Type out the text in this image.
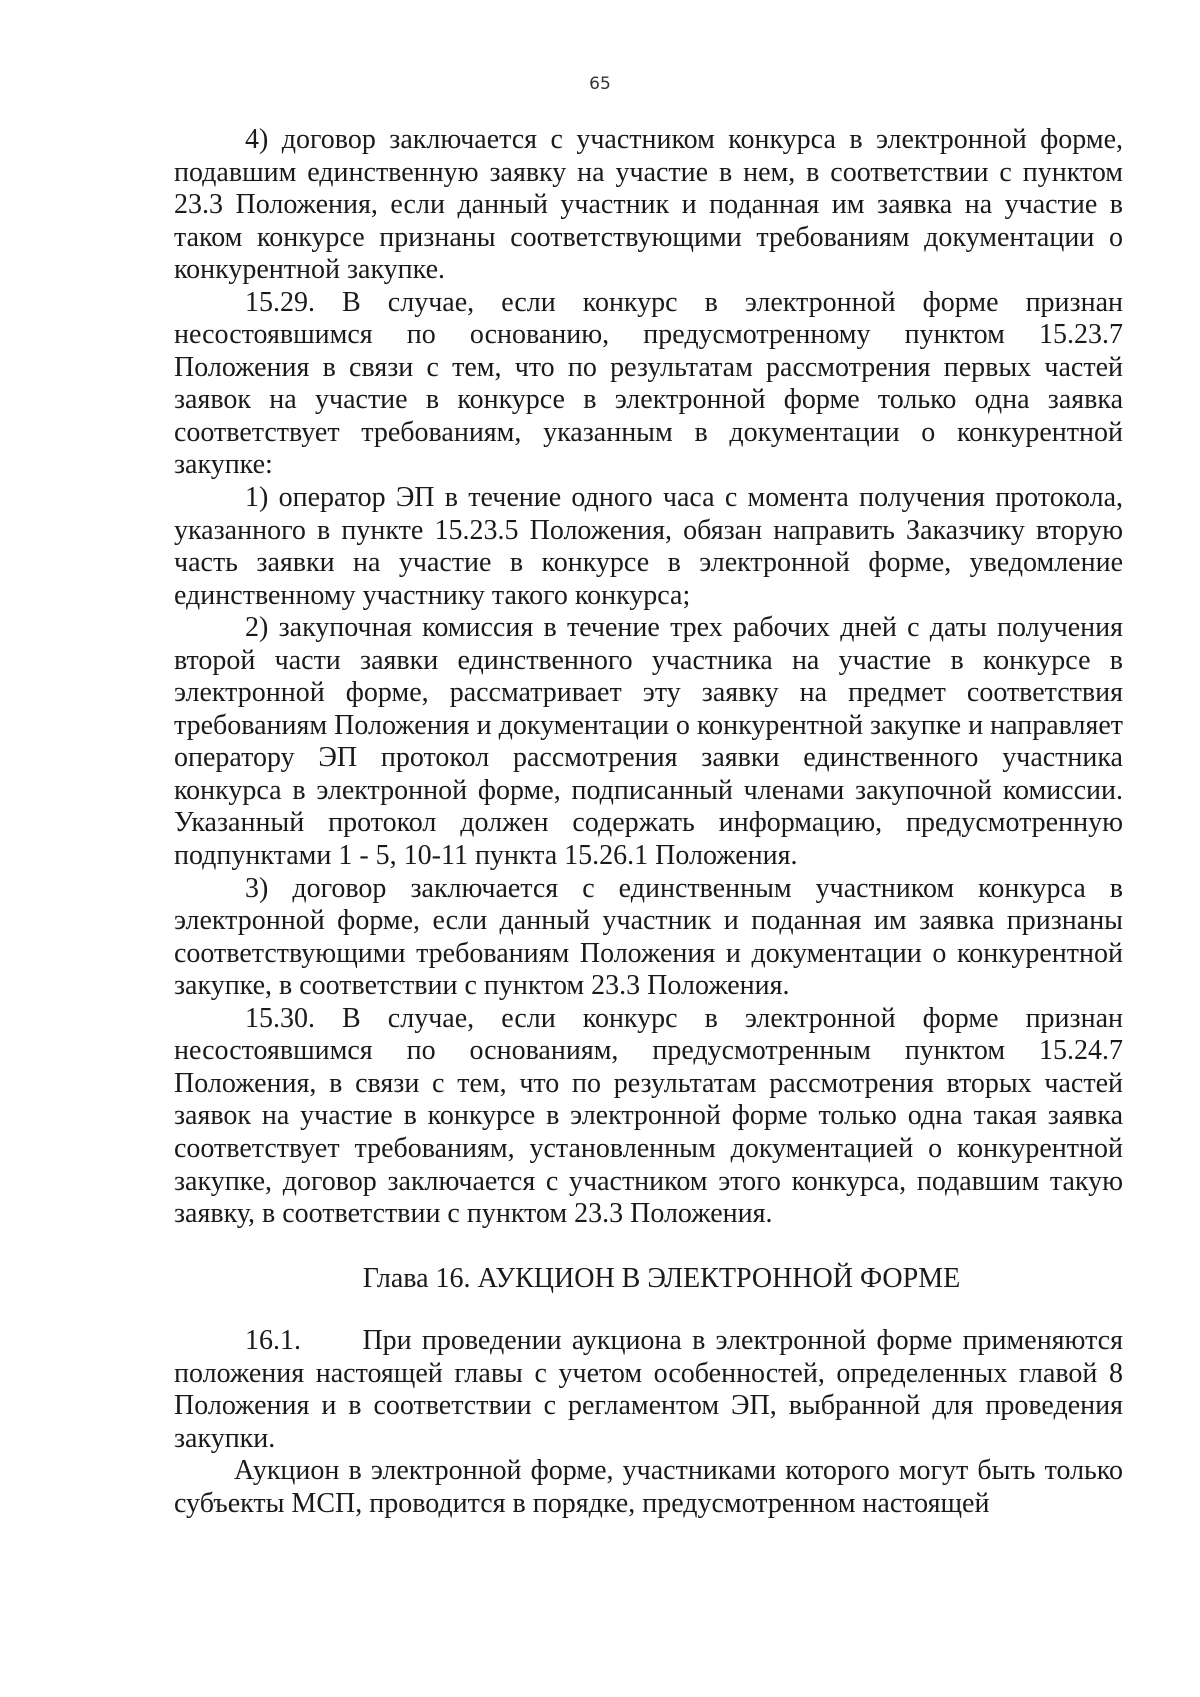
65

4) договор заключается с участником конкурса в электронной форме, подавшим единственную заявку на участие в нем, в соответствии с пунктом 23.3 Положения, если данный участник и поданная им заявка на участие в таком конкурсе признаны соответствующими требованиям документации о конкурентной закупке.

15.29. В случае, если конкурс в электронной форме признан несостоявшимся по основанию, предусмотренному пунктом 15.23.7 Положения в связи с тем, что по результатам рассмотрения первых частей заявок на участие в конкурсе в электронной форме только одна заявка соответствует требованиям, указанным в документации о конкурентной закупке:

1) оператор ЭП в течение одного часа с момента получения протокола, указанного в пункте 15.23.5 Положения, обязан направить Заказчику вторую часть заявки на участие в конкурсе в электронной форме, уведомление единственному участнику такого конкурса;

2) закупочная комиссия в течение трех рабочих дней с даты получения второй части заявки единственного участника на участие в конкурсе в электронной форме, рассматривает эту заявку на предмет соответствия требованиям Положения и документации о конкурентной закупке и направляет оператору ЭП протокол рассмотрения заявки единственного участника конкурса в электронной форме, подписанный членами закупочной комиссии. Указанный протокол должен содержать информацию, предусмотренную подпунктами 1 - 5, 10-11 пункта 15.26.1 Положения.

3) договор заключается с единственным участником конкурса в электронной форме, если данный участник и поданная им заявка признаны соответствующими требованиям Положения и документации о конкурентной закупке, в соответствии с пунктом 23.3 Положения.

15.30. В случае, если конкурс в электронной форме признан несостоявшимся по основаниям, предусмотренным пунктом 15.24.7 Положения, в связи с тем, что по результатам рассмотрения вторых частей заявок на участие в конкурсе в электронной форме только одна такая заявка соответствует требованиям, установленным документацией о конкурентной закупке, договор заключается с участником этого конкурса, подавшим такую заявку, в соответствии с пунктом 23.3 Положения.

Глава 16. АУКЦИОН В ЭЛЕКТРОННОЙ ФОРМЕ

16.1.      При проведении аукциона в электронной форме применяются положения настоящей главы с учетом особенностей, определенных главой 8 Положения и в соответствии с регламентом ЭП, выбранной для проведения закупки.

Аукцион в электронной форме, участниками которого могут быть только субъекты МСП, проводится в порядке, предусмотренном настоящей
